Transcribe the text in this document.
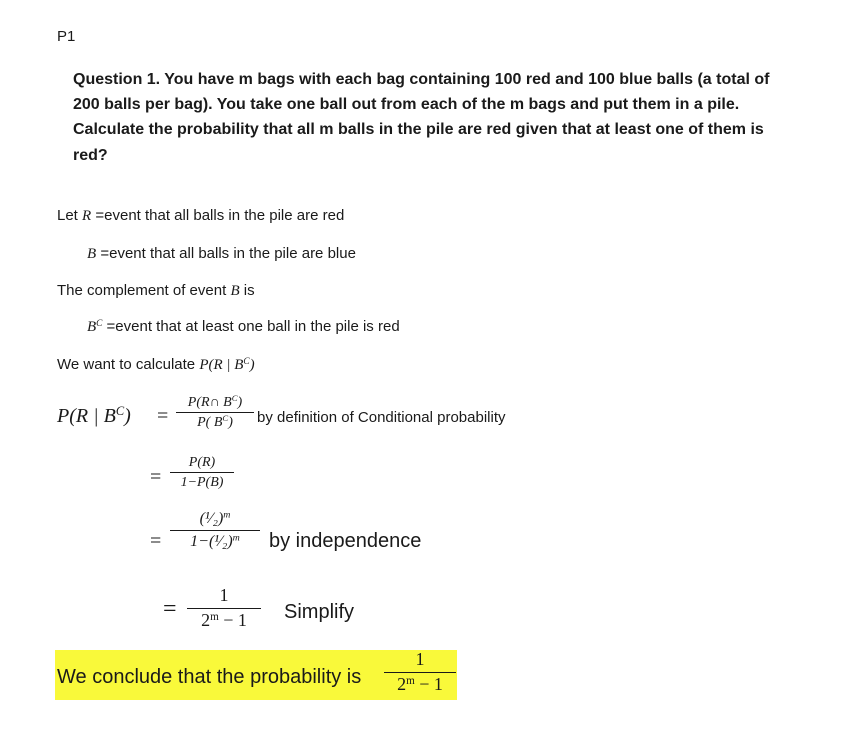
P1
Question 1. You have m bags with each bag containing 100 red and 100 blue balls (a total of
200 balls per bag). You take one ball out from each of the m bags and put them in a pile.
Calculate the probability that all m balls in the pile are red given that at least one of them is
red?
Let R =event that all balls in the pile are red
B =event that all balls in the pile are blue
The complement of event B is
$B^C$ =event that at least one ball in the pile is red
We want to calculate P(R | $B^C$)
P(R | $B^C$) =
P(R∩ $B^C$)
P( $B^C$)	by definition of Conditional probability
=
P(R)
1−P(B)
=
(¹⁄₂)$^m$
1−(¹⁄₂)$^m$	by independence
=
1
$2^m - 1$	Simplify
We conclude that the probability is
1
$2^m - 1$
